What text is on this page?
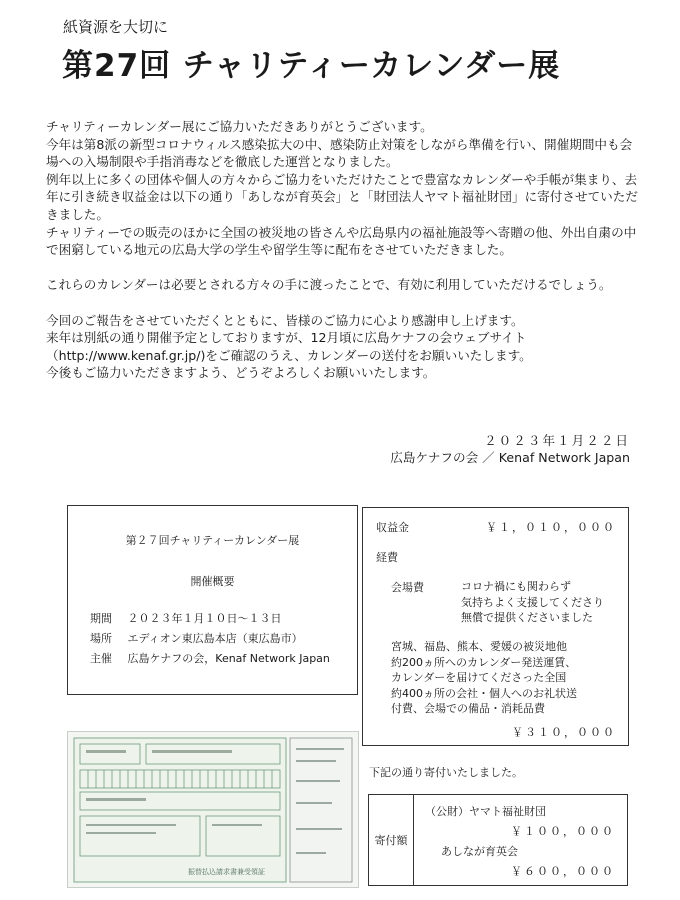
紙資源を大切に
第27回 チャリティーカレンダー展

チャリティーカレンダー展にご協力いただきありがとうございます。

今年は第8派の新型コロナウィルス感染拡大の中、感染防止対策をしながら準備を行い、開催期間中も会場への入場制限や手指消毒などを徹底した運営となりました。

例年以上に多くの団体や個人の方々からご協力をいただけたことで豊富なカレンダーや手帳が集まり、去年に引き続き収益金は以下の通り「あしなが育英会」と「財団法人ヤマト福祉財団」に寄付させていただきました。

チャリティーでの販売のほかに全国の被災地の皆さんや広島県内の福祉施設等へ寄贈の他、外出自粛の中で困窮している地元の広島大学の学生や留学生等に配布をさせていただきました。

これらのカレンダーは必要とされる方々の手に渡ったことで、有効に利用していただけるでしょう。

今回のご報告をさせていただくとともに、皆様のご協力に心より感謝申し上げます。

来年は別紙の通り開催予定としておりますが、12月頃に広島ケナフの会ウェブサイト（http://www.kenaf.gr.jp/)をご確認のうえ、カレンダーの送付をお願いいたします。

今後もご協力いただきますよう、どうぞよろしくお願いいたします。

２０２３年１月２２日
広島ケナフの会 ／ Kenaf Network Japan
第２７回チャリティーカレンダー展
開催概要
期間 ２０２３年１月１０日～１３日
場所 エディオン東広島本店（東広島市）
主催 広島ケナフの会，Kenaf Network Japan
収益金	￥１，０１０，０００
経費
会場費	コロナ禍にも関わらず
気持ちよく支援してくださり
無償で提供くださいました
宮城、福島、熊本、愛媛の被災地他
約200ヵ所へのカレンダー発送運賃、
カレンダーを届けてくださった全国
約400ヵ所の会社・個人へのお礼状送
付費、会場での備品・消耗品費
￥３１０，０００
振替払込請求書兼受領証
下記の通り寄付いたしました。
寄付額
（公財）ヤマト福祉財団
￥１００，０００
あしなが育英会
￥６００，０００
